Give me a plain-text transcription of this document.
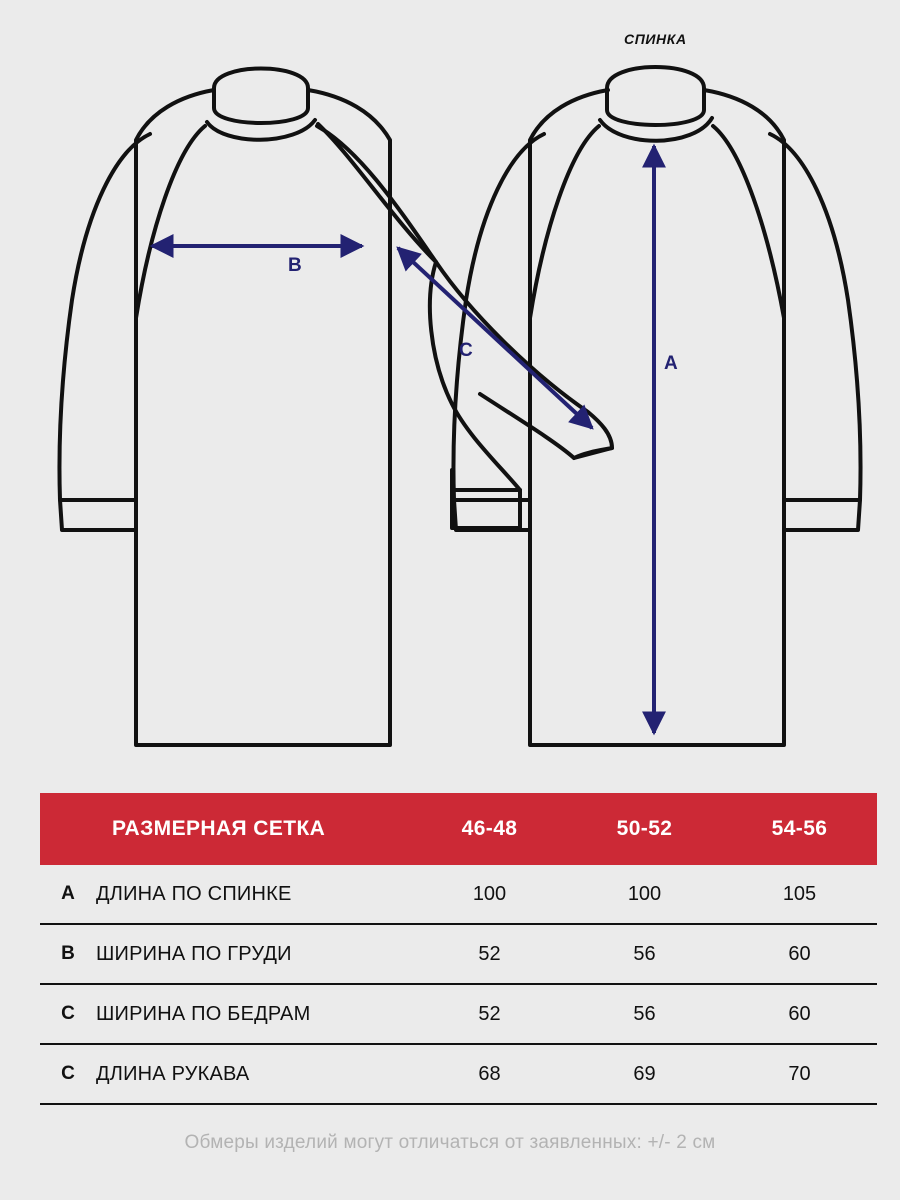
СПИНКА
B
C
A
	РАЗМЕРНАЯ СЕТКА	46-48	50-52	54-56
A	ДЛИНА ПО СПИНКЕ	100	100	105
B	ШИРИНА ПО ГРУДИ	52	56	60
C	ШИРИНА ПО БЕДРАМ	52	56	60
C	ДЛИНА РУКАВА	68	69	70
Обмеры изделий могут отличаться от заявленных: +/- 2 см
